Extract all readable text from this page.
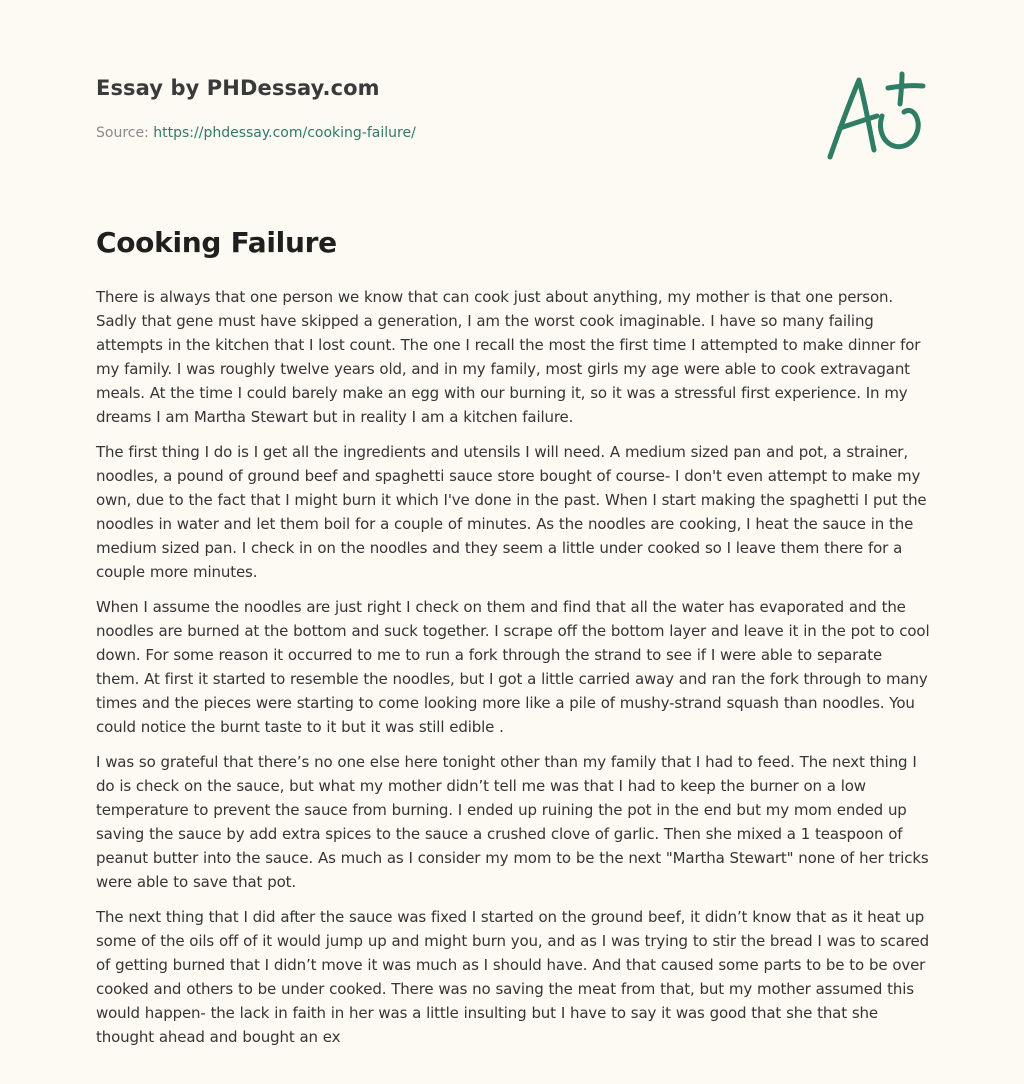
Essay by PHDessay.com
Source: https://phdessay.com/cooking-failure/
Cooking Failure

There is always that one person we know that can cook just about anything, my mother is that one person. Sadly that gene must have skipped a generation, I am the worst cook imaginable. I have so many failing attempts in the kitchen that I lost count. The one I recall the most the first time I attempted to make dinner for my family. I was roughly twelve years old, and in my family, most girls my age were able to cook extravagant meals. At the time I could barely make an egg with our burning it, so it was a stressful first experience. In my dreams I am Martha Stewart but in reality I am a kitchen failure.

The first thing I do is I get all the ingredients and utensils I will need. A medium sized pan and pot, a strainer, noodles, a pound of ground beef and spaghetti sauce store bought of course- I don't even attempt to make my own, due to the fact that I might burn it which I've done in the past. When I start making the spaghetti I put the noodles in water and let them boil for a couple of minutes. As the noodles are cooking, I heat the sauce in the medium sized pan. I check in on the noodles and they seem a little under cooked so I leave them there for a couple more minutes.

When I assume the noodles are just right I check on them and find that all the water has evaporated and the noodles are burned at the bottom and suck together. I scrape off the bottom layer and leave it in the pot to cool down. For some reason it occurred to me to run a fork through the strand to see if I were able to separate them. At first it started to resemble the noodles, but I got a little carried away and ran the fork through to many times and the pieces were starting to come looking more like a pile of mushy-strand squash than noodles. You could notice the burnt taste to it but it was still edible .

I was so grateful that there’s no one else here tonight other than my family that I had to feed. The next thing I do is check on the sauce, but what my mother didn’t tell me was that I had to keep the burner on a low temperature to prevent the sauce from burning. I ended up ruining the pot in the end but my mom ended up saving the sauce by add extra spices to the sauce a crushed clove of garlic. Then she mixed a 1 teaspoon of peanut butter into the sauce. As much as I consider my mom to be the next "Martha Stewart" none of her tricks were able to save that pot.

The next thing that I did after the sauce was fixed I started on the ground beef, it didn’t know that as it heat up some of the oils off of it would jump up and might burn you, and as I was trying to stir the bread I was to scared of getting burned that I didn’t move it was much as I should have. And that caused some parts to be to be over cooked and others to be under cooked. There was no saving the meat from that, but my mother assumed this would happen- the lack in faith in her was a little insulting but I have to say it was good that she that she thought ahead and bought an ex
